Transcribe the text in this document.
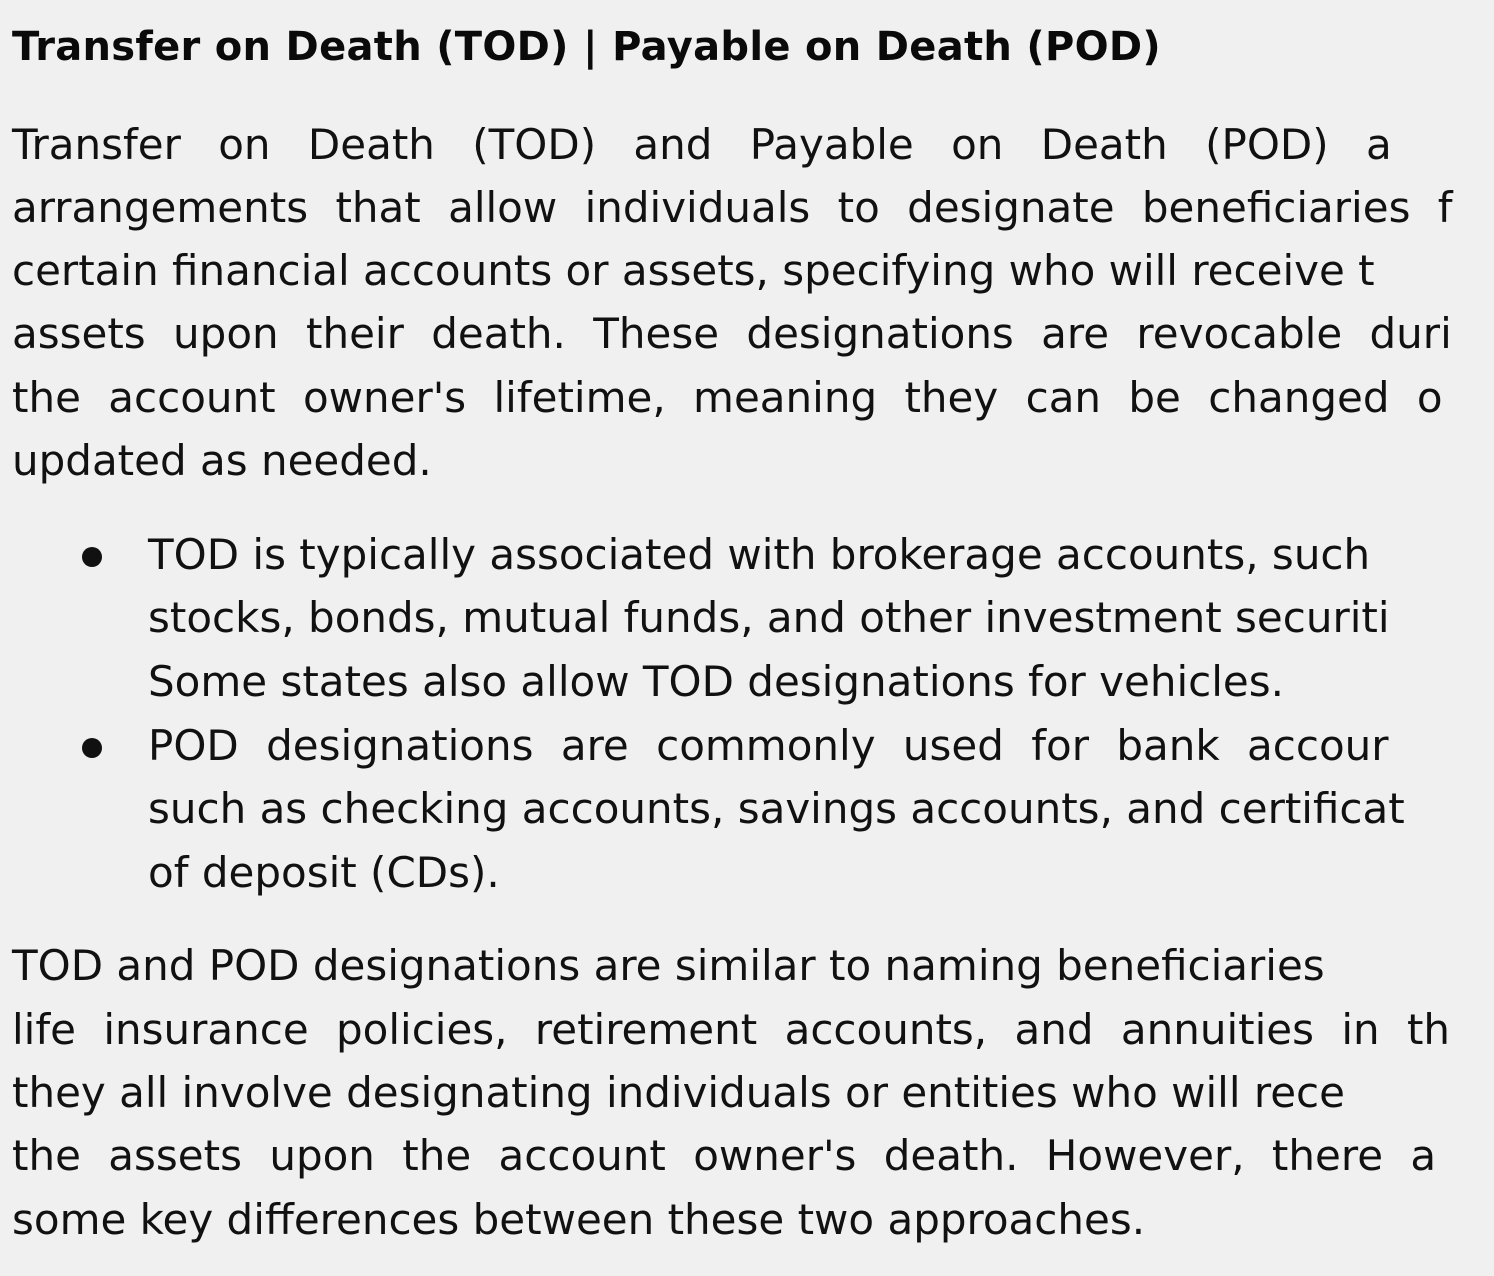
Transfer on Death (TOD) | Payable on Death (POD)
Transfer on Death (TOD) and Payable on Death (POD) a
arrangements that allow individuals to designate beneficiaries f
certain financial accounts or assets, specifying who will receive t
assets upon their death. These designations are revocable duri
the account owner's lifetime, meaning they can be changed o
updated as needed.
TOD is typically associated with brokerage accounts, such
stocks, bonds, mutual funds, and other investment securiti
Some states also allow TOD designations for vehicles.
POD designations are commonly used for bank accour
such as checking accounts, savings accounts, and certificat
of deposit (CDs).
TOD and POD designations are similar to naming beneficiaries
life insurance policies, retirement accounts, and annuities in th
they all involve designating individuals or entities who will rece
the assets upon the account owner's death. However, there a
some key differences between these two approaches.
